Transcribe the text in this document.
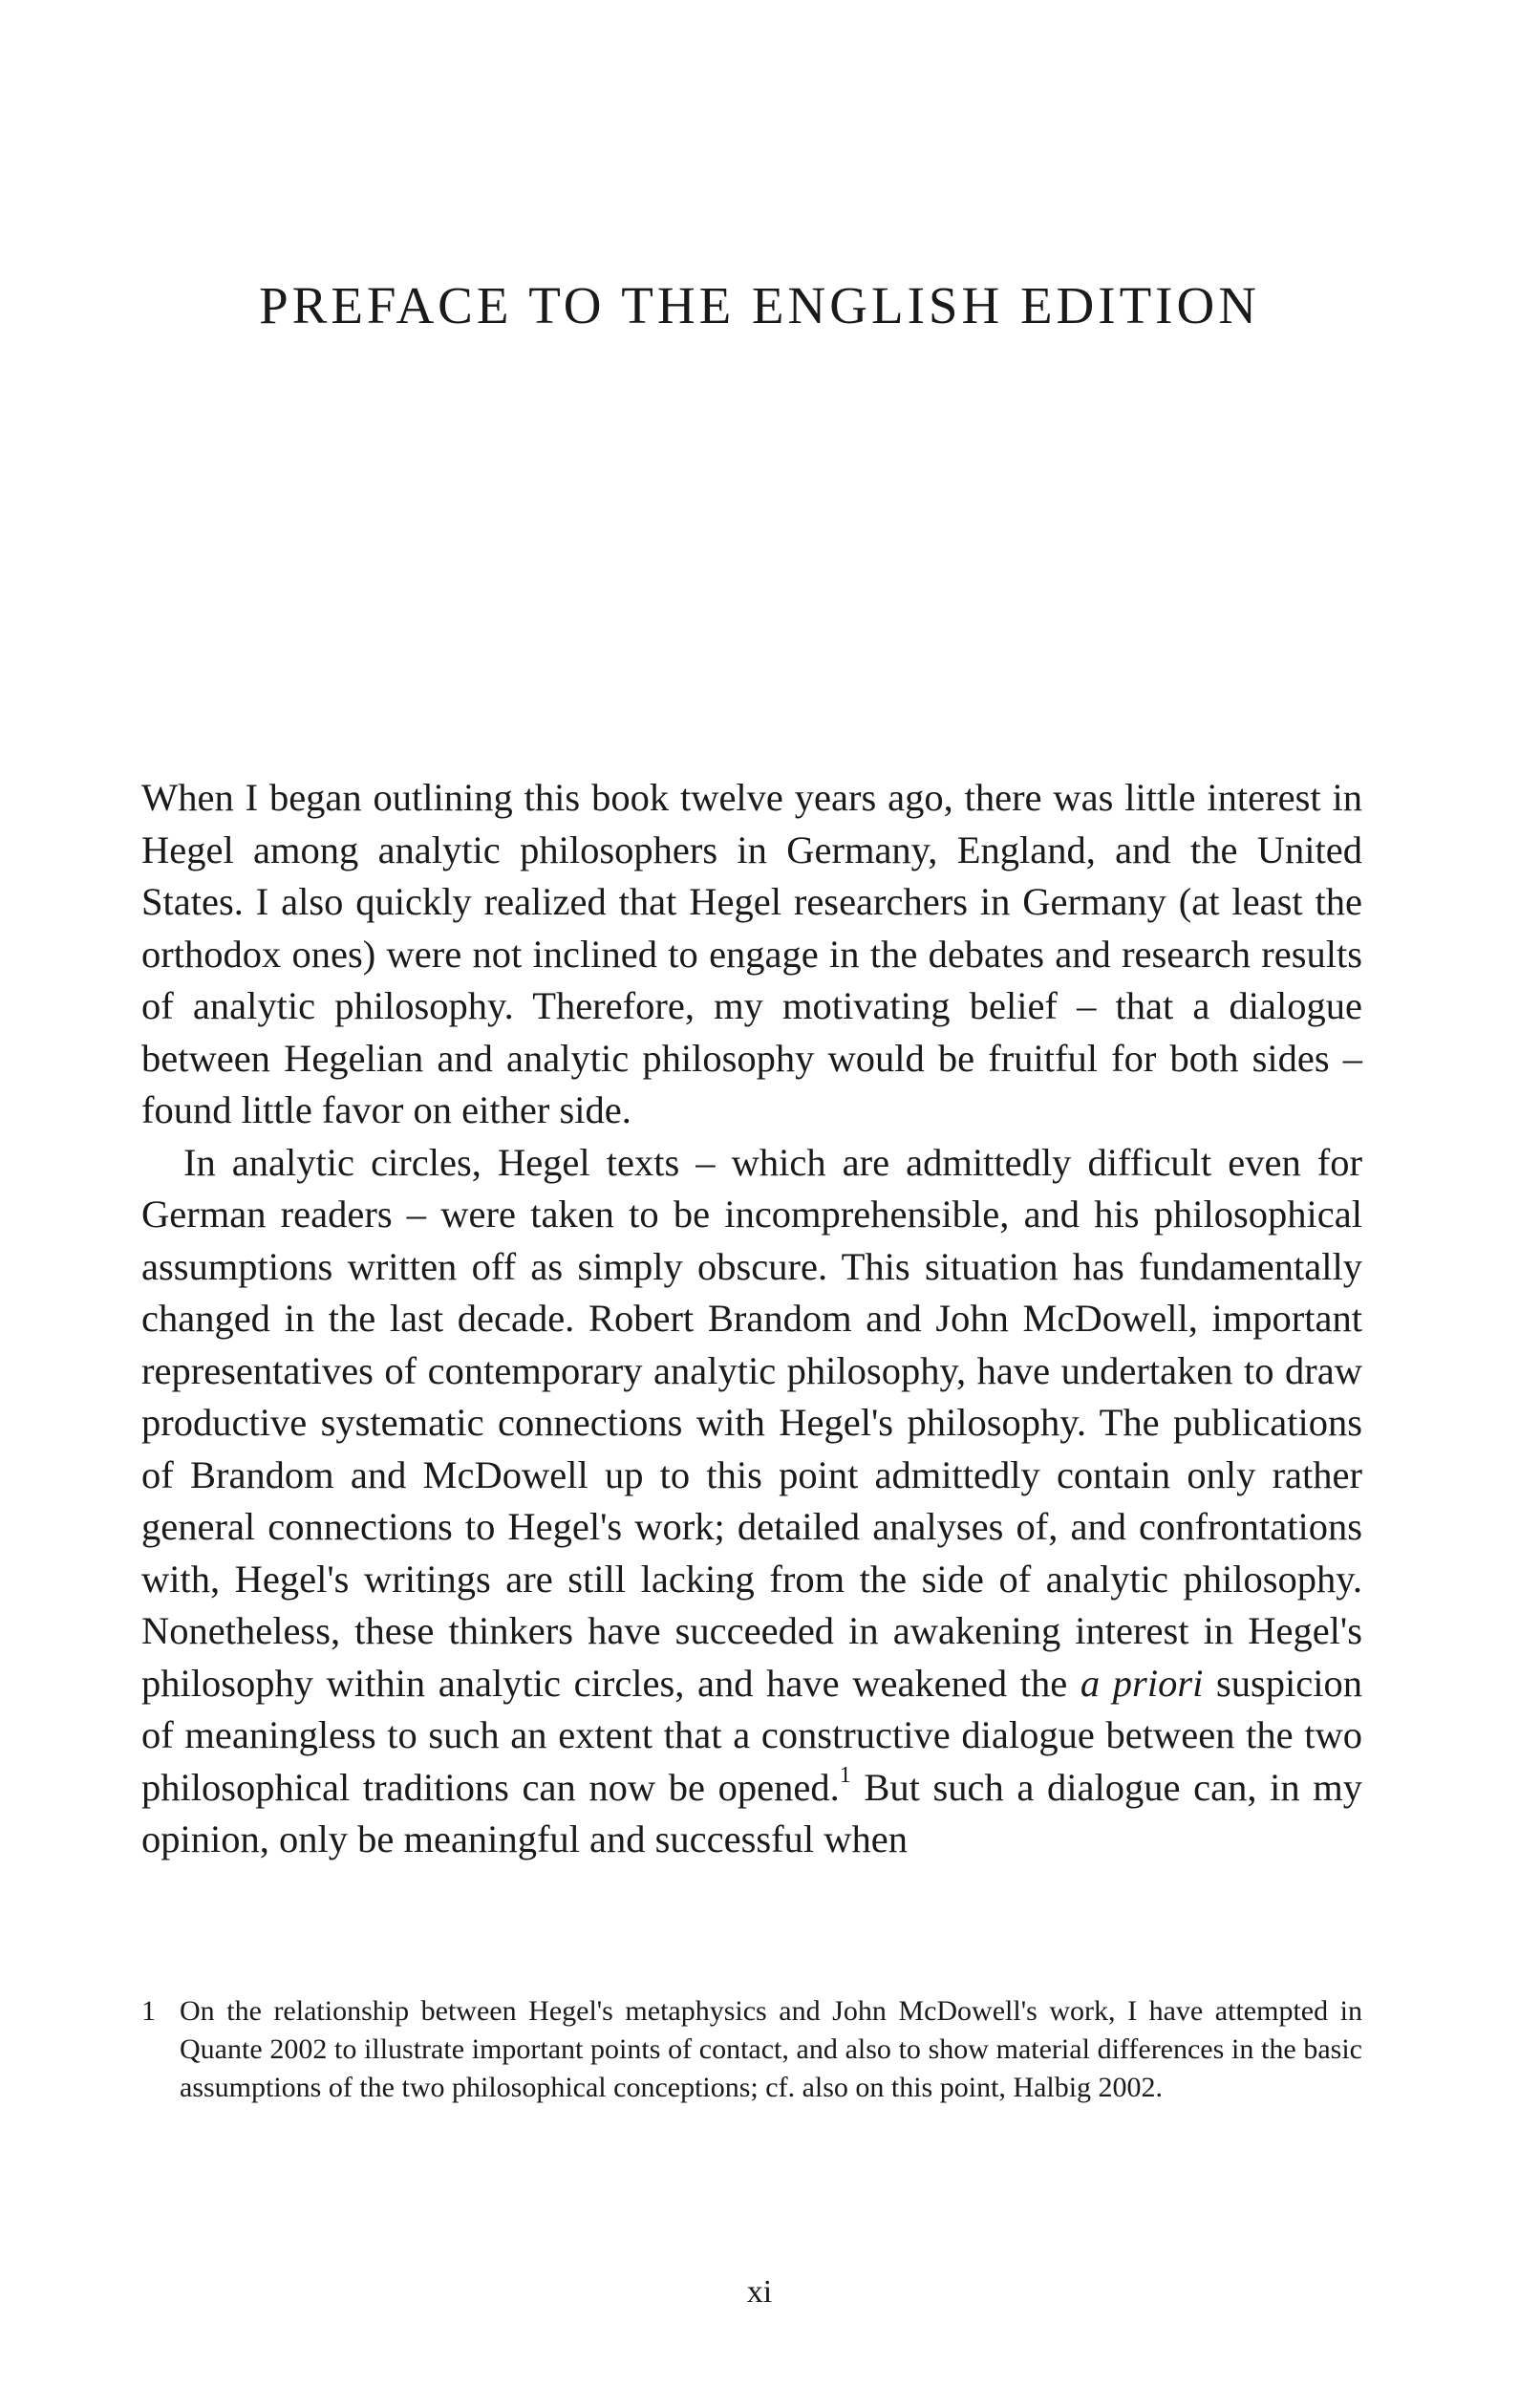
PREFACE TO THE ENGLISH EDITION

When I began outlining this book twelve years ago, there was little interest in Hegel among analytic philosophers in Germany, England, and the United States. I also quickly realized that Hegel researchers in Germany (at least the orthodox ones) were not inclined to engage in the debates and research results of analytic philosophy. Therefore, my motivating belief – that a dialogue between Hegelian and analytic philosophy would be fruitful for both sides – found little favor on either side.

In analytic circles, Hegel texts – which are admittedly difficult even for German readers – were taken to be incomprehensible, and his philosophical assumptions written off as simply obscure. This situation has fundamentally changed in the last decade. Robert Brandom and John McDowell, important representatives of contemporary analytic philosophy, have undertaken to draw productive systematic connections with Hegel's philosophy. The publications of Brandom and McDowell up to this point admittedly contain only rather general connections to Hegel's work; detailed analyses of, and confrontations with, Hegel's writings are still lacking from the side of analytic philosophy. Nonetheless, these thinkers have succeeded in awakening interest in Hegel's philosophy within analytic circles, and have weakened the a priori suspicion of meaningless to such an extent that a constructive dialogue between the two philosophical traditions can now be opened.$^1$ But such a dialogue can, in my opinion, only be meaningful and successful when

1 On the relationship between Hegel's metaphysics and John McDowell's work, I have attempted in Quante 2002 to illustrate important points of contact, and also to show material differences in the basic assumptions of the two philosophical conceptions; cf. also on this point, Halbig 2002.
xi
